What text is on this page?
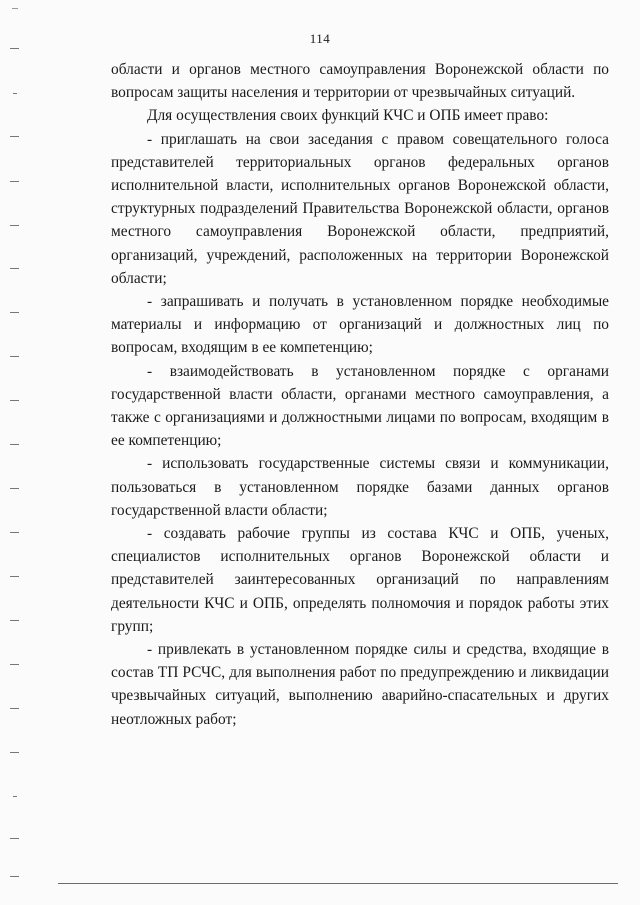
114

области и органов местного самоуправления Воронежской области по вопросам защиты населения и территории от чрезвычайных ситуаций.

Для осуществления своих функций КЧС и ОПБ имеет право:

- приглашать на свои заседания с правом совещательного голоса представителей территориальных органов федеральных органов исполнительной власти, исполнительных органов Воронежской области, структурных подразделений Правительства Воронежской области, органов местного самоуправления Воронежской области, предприятий, организаций, учреждений, расположенных на территории Воронежской области;

- запрашивать и получать в установленном порядке необходимые материалы и информацию от организаций и должностных лиц по вопросам, входящим в ее компетенцию;

- взаимодействовать в установленном порядке с органами государственной власти области, органами местного самоуправления, а также с организациями и должностными лицами по вопросам, входящим в ее компетенцию;

- использовать государственные системы связи и коммуникации, пользоваться в установленном порядке базами данных органов государственной власти области;

- создавать рабочие группы из состава КЧС и ОПБ, ученых, специалистов исполнительных органов Воронежской области и представителей заинтересованных организаций по направлениям деятельности КЧС и ОПБ, определять полномочия и порядок работы этих групп;

- привлекать в установленном порядке силы и средства, входящие в состав ТП РСЧС, для выполнения работ по предупреждению и ликвидации чрезвычайных ситуаций, выполнению аварийно-спасательных и других неотложных работ;
